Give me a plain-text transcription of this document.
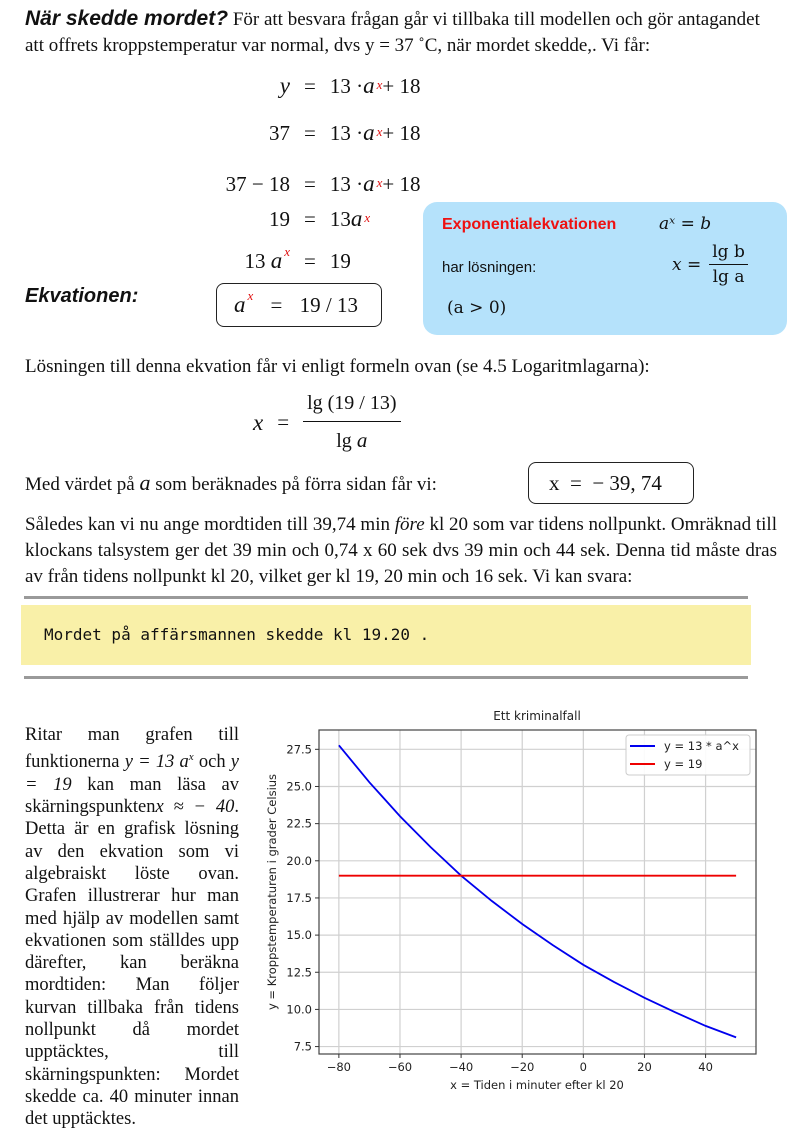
När skedde mordet? För att besvara frågan går vi tillbaka till modellen och gör antagandet att offrets kroppstemperatur var normal, dvs y = 37 ˚C, när mordet skedde,. Vi får:
$y = 13 \cdot a^x + 18$
$37 = 13 \cdot a^x + 18$
$37 - 18 = 13 \cdot a^x + 18$
19 = 13 $a^x$
13 a $^x$ = 19
Ekvationen:	a $^x$ = 19 / 13
Exponentialekvationen	aˣ = b
har lösningen:	$x = \frac{\text{lg b}}{\text{lg a}}$
(a > 0)
Lösningen till denna ekvation får vi enligt formeln ovan (se 4.5 Logaritmlagarna):
$x = \frac{\lg (19 / 13)}{\text{lg a}}$
Med värdet på a som beräknades på förra sidan får vi:	x  =  − 39, 74
Således kan vi nu ange mordtiden till 39,74 min före kl 20 som var tidens nollpunkt. Omräknad till klockans talsystem ger det 39 min och 0,74 x 60 sek dvs 39 min och 44 sek. Denna tid måste dras av från tidens nollpunkt kl 20, vilket ger kl 19, 20 min och 16 sek. Vi kan svara:
Mordet på affärsmannen skedde kl 19.20 .
Ritar man grafen till funktionerna y = 13 $a^x$ och y = 19 kan man läsa av skärningspunktenx ≈ − 40. Detta är en grafisk lösning av den ekvation som vi algebraiskt löste ovan. Grafen illustrerar hur man med hjälp av modellen samt ekvationen som ställdes upp därefter, kan beräkna mordtiden: Man följer kurvan tillbaka från tidens nollpunkt då mordet upptäcktes, till skärningspunkten: Mordet skedde ca. 40 minuter innan det upptäcktes.
Ett kriminalfall
−80	−60	−40	−20	0	20	40
7.5
10.0
12.5
15.0
17.5
20.0
22.5
25.0
27.5
x = Tiden i minuter efter kl 20
y = Kroppstemperaturen i grader Celsius
y = 13 * a^x
y = 19
